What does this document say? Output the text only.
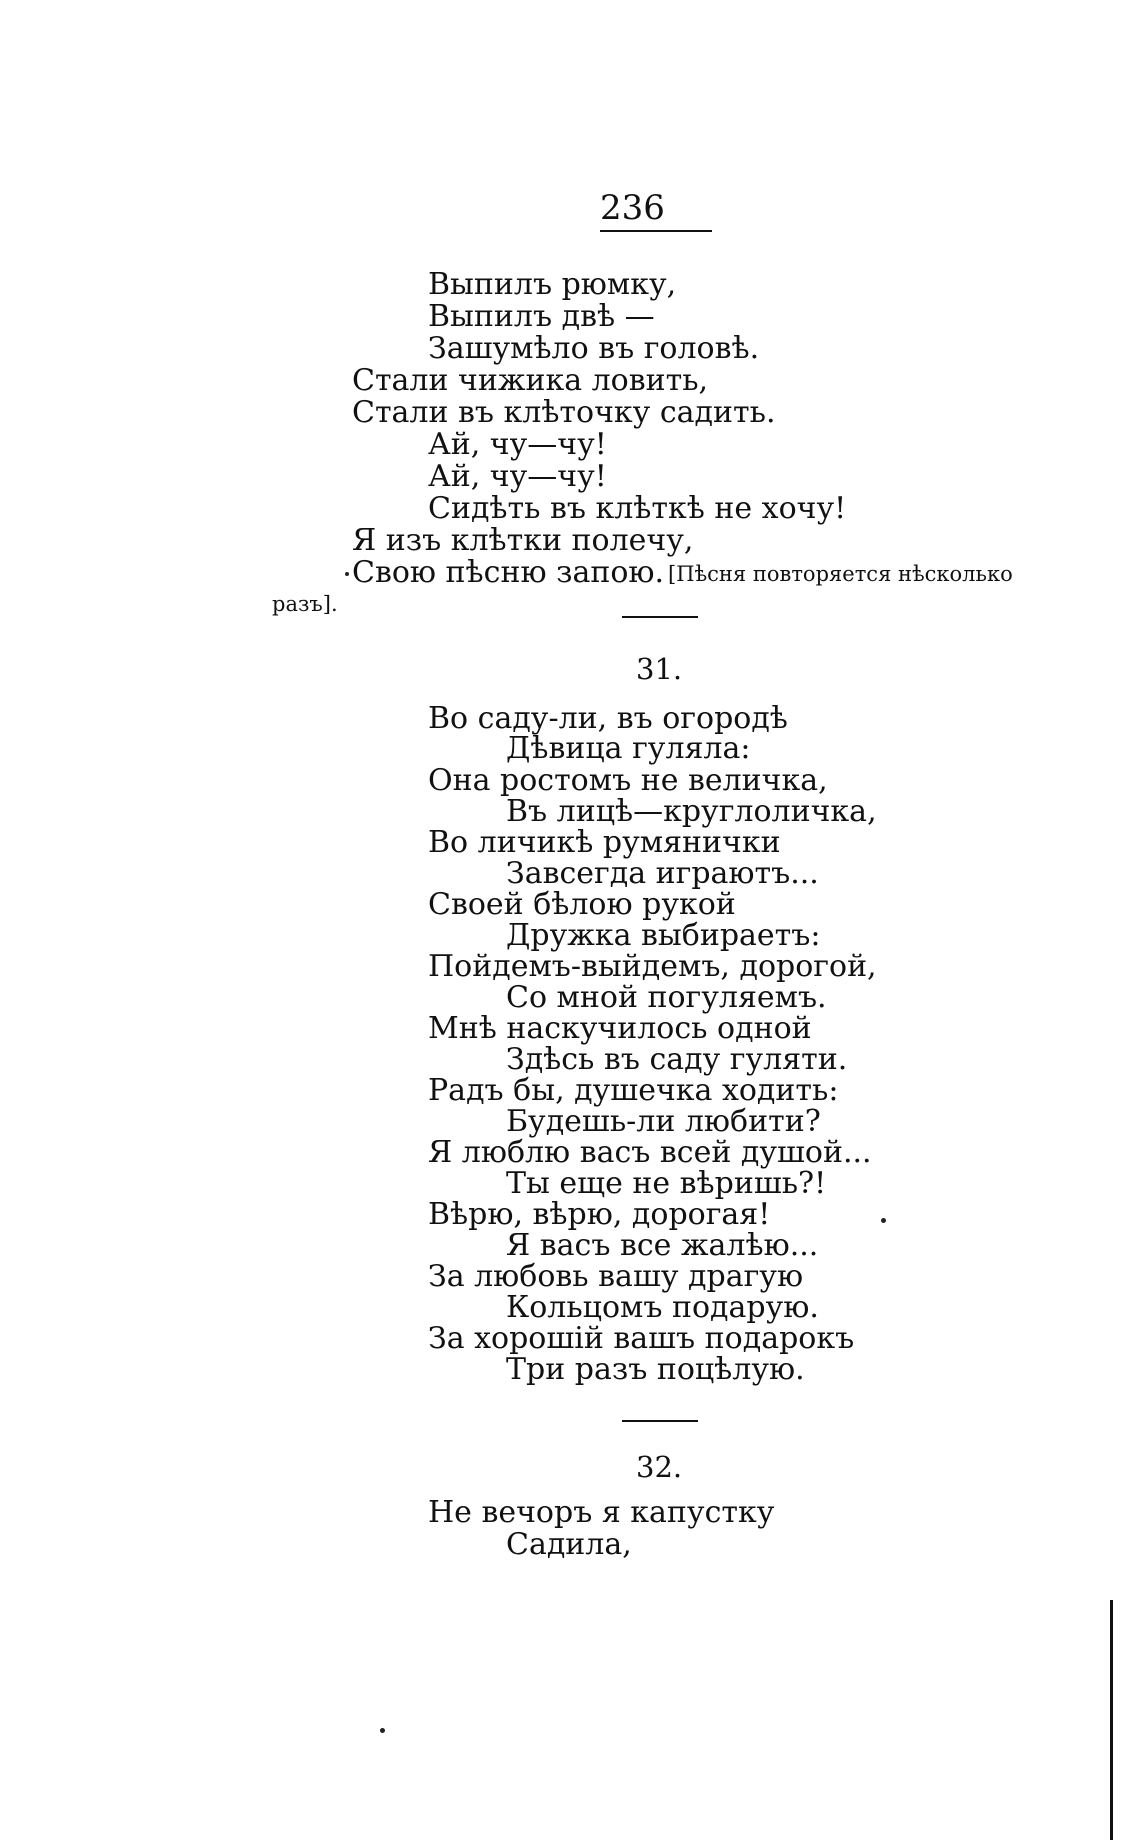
236
Выпилъ рюмку,
Выпилъ двѣ —
Зашумѣло въ головѣ.
Стали чижика ловить,
Стали въ клѣточку садить.
Ай, чу—чу!
Ай, чу—чу!
Сидѣть въ клѣткѣ не хочу!
Я изъ клѣтки полечу,
Свою пѣсню запою. [Пѣсня повторяется нѣсколько
разъ].
31.
Во саду-ли, въ огородѣ
Дѣвица гуляла:
Она ростомъ не величка,
Въ лицѣ—круглоличка,
Во личикѣ румянички
Завсегда играютъ...
Своей бѣлою рукой
Дружка выбираетъ:
Пойдемъ-выйдемъ, дорогой,
Со мной погуляемъ.
Мнѣ наскучилось одной
Здѣсь въ саду гуляти.
Радъ бы, душечка ходить:
Будешь-ли любити?
Я люблю васъ всей душой...
Ты еще не вѣришь?!
Вѣрю, вѣрю, дорогая!
Я васъ все жалѣю...
За любовь вашу драгую
Кольцомъ подарую.
За хорошій вашъ подарокъ
Три разъ поцѣлую.
32.
Не вечоръ я капустку
Садила,
